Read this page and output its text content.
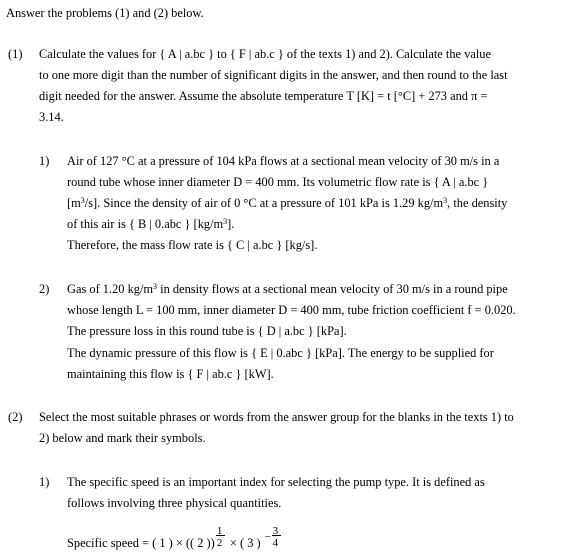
Answer the problems (1) and (2) below.
(1) Calculate the values for { A | a.bc } to { F | ab.c } of the texts 1) and 2). Calculate the value
to one more digit than the number of significant digits in the answer, and then round to the last
digit needed for the answer. Assume the absolute temperature T [K] = t [°C] + 273 and π =
3.14.
1) Air of 127 °C at a pressure of 104 kPa flows at a sectional mean velocity of 30 m/s in a
round tube whose inner diameter D = 400 mm. Its volumetric flow rate is { A | a.bc }
$[m^3/s]$. Since the density of air of 0 °C at a pressure of 101 kPa is 1.29 $kg/m^3$, the density
of this air is { B | 0.abc } $[kg/m^3]$.
Therefore, the mass flow rate is { C | a.bc } [kg/s].
2) Gas of 1.20 $kg/m^3$ in density flows at a sectional mean velocity of 30 m/s in a round pipe
whose length L = 100 mm, inner diameter D = 400 mm, tube friction coefficient f = 0.020.
The pressure loss in this round tube is { D | a.bc } [kPa].
The dynamic pressure of this flow is { E | 0.abc } [kPa]. The energy to be supplied for
maintaining this flow is { F | ab.c } [kW].
(2) Select the most suitable phrases or words from the answer group for the blanks in the texts 1) to
2) below and mark their symbols.
1) The specific speed is an important index for selecting the pump type. It is defined as
follows involving three physical quantities.
Specific speed = ( 1 ) × (( 2 ))
1
2 × ( 3 ) − 3
4
